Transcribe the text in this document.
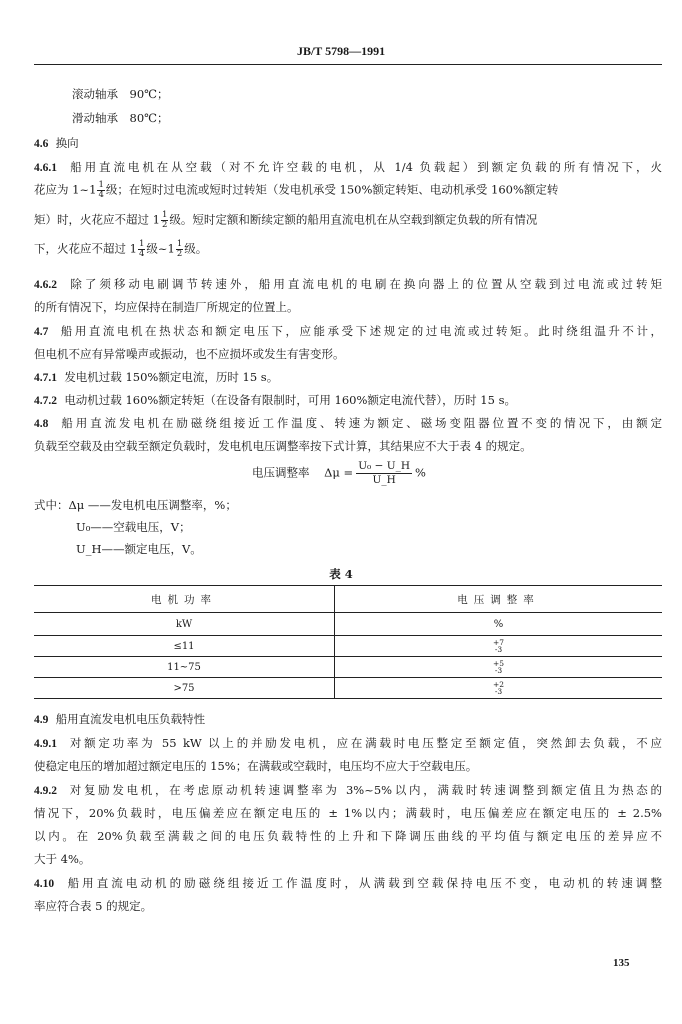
JB/T 5798—1991
滚动轴承　90℃；
滑动轴承　80℃；
4.6 换向
4.6.1 船用直流电机在从空载（对不允许空载的电机，从 1/4 负载起）到额定负载的所有情况下，火
花应为 1~1 $\frac{1}{4}$ 级；在短时过电流或短时过转矩（发电机承受 150%额定转矩、电动机承受 160%额定转
矩）时，火花应不超过 $1 \frac{1}{2}$ 级。短时定额和断续定额的船用直流电机在从空载到额定负载的所有情况
下，火花应不超过 $1 \frac{1}{4}$ 级~1 $\frac{1}{2}$ 级。
4.6.2 除了须移动电刷调节转速外，船用直流电机的电刷在换向器上的位置从空载到过电流或过转矩
的所有情况下，均应保持在制造厂所规定的位置上。
4.7 船用直流电机在热状态和额定电压下，应能承受下述规定的过电流或过转矩。此时绕组温升不计，
但电机不应有异常噪声或振动，也不应损坏或发生有害变形。
4.7.1 发电机过载 150%额定电流，历时 15 s。
4.7.2 电动机过载 160%额定转矩（在设备有限制时，可用 160%额定电流代替），历时 15 s。
4.8 船用直流发电机在励磁绕组接近工作温度、转速为额定、磁场变阻器位置不变的情况下，由额定
负载至空载及由空载至额定负载时，发电机电压调整率按下式计算，其结果应不大于表 4 的规定。
电压调整率 $\Delta\mu = \frac{\text{U₀ − U\_H}}{U\_H}$ %
式中：Δμ ——发电机电压调整率，%；
U₀——空载电压，V；
U_H——额定电压，V。
表 4
电机功率	电压调整率
kW	%
≤11	+7
-3

11~75	+5
-3

>75	+2
-3
4.9 船用直流发电机电压负载特性
4.9.1 对额定功率为 55 kW 以上的并励发电机，应在满载时电压整定至额定值，突然卸去负载，不应
使稳定电压的增加超过额定电压的 15%；在满载或空载时，电压均不应大于空载电压。
4.9.2 对复励发电机，在考虑原动机转速调整率为 3%~5%以内，满载时转速调整到额定值且为热态的
情况下，20%负载时，电压偏差应在额定电压的 ± 1%以内；满载时，电压偏差应在额定电压的 ± 2.5%
以内。在 20%负载至满载之间的电压负载特性的上升和下降调压曲线的平均值与额定电压的差异应不
大于 4%。
4.10 船用直流电动机的励磁绕组接近工作温度时，从满载到空载保持电压不变，电动机的转速调整
率应符合表 5 的规定。
135
